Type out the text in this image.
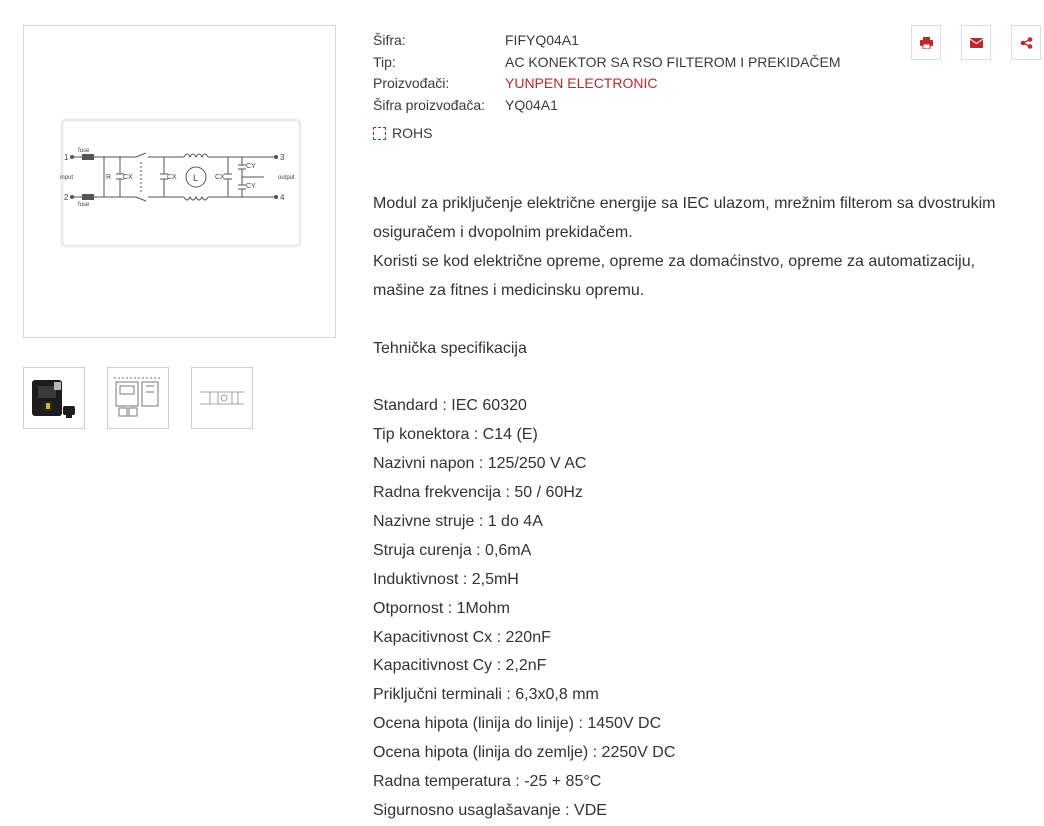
1
2
3
4
fuse
fuse
input	output
R CX	CX L CX
CY
CY
Šifra:	FIFYQ04A1
Tip:	AC KONEKTOR SA RSO FILTEROM I PREKIDAČEM
Proizvođači:	YUNPEN ELECTRONIC
Šifra proizvođača: YQ04A1
ROHS

Modul za priključenje električne energije sa IEC ulazom, mrežnim filterom sa dvostrukim osiguračem i dvopolnim prekidačem.

Koristi se kod električne opreme, opreme za domaćinstvo, opreme za automatizaciju, mašine za fitnes i medicinsku opremu.

Tehnička specifikacija

Standard : IEC 60320

Tip konektora : C14 (E)

Nazivni napon : 125/250 V AC

Radna frekvencija : 50 / 60Hz

Nazivne struje : 1 do 4A

Struja curenja : 0,6mA

Induktivnost : 2,5mH

Otpornost : 1Mohm

Kapacitivnost Cx : 220nF

Kapacitivnost Cy : 2,2nF

Priključni terminali : 6,3x0,8 mm

Ocena hipota (linija do linije) : 1450V DC

Ocena hipota (linija do zemlje) : 2250V DC

Radna temperatura : -25 + 85°C

Sigurnosno usaglašavanje : VDE
